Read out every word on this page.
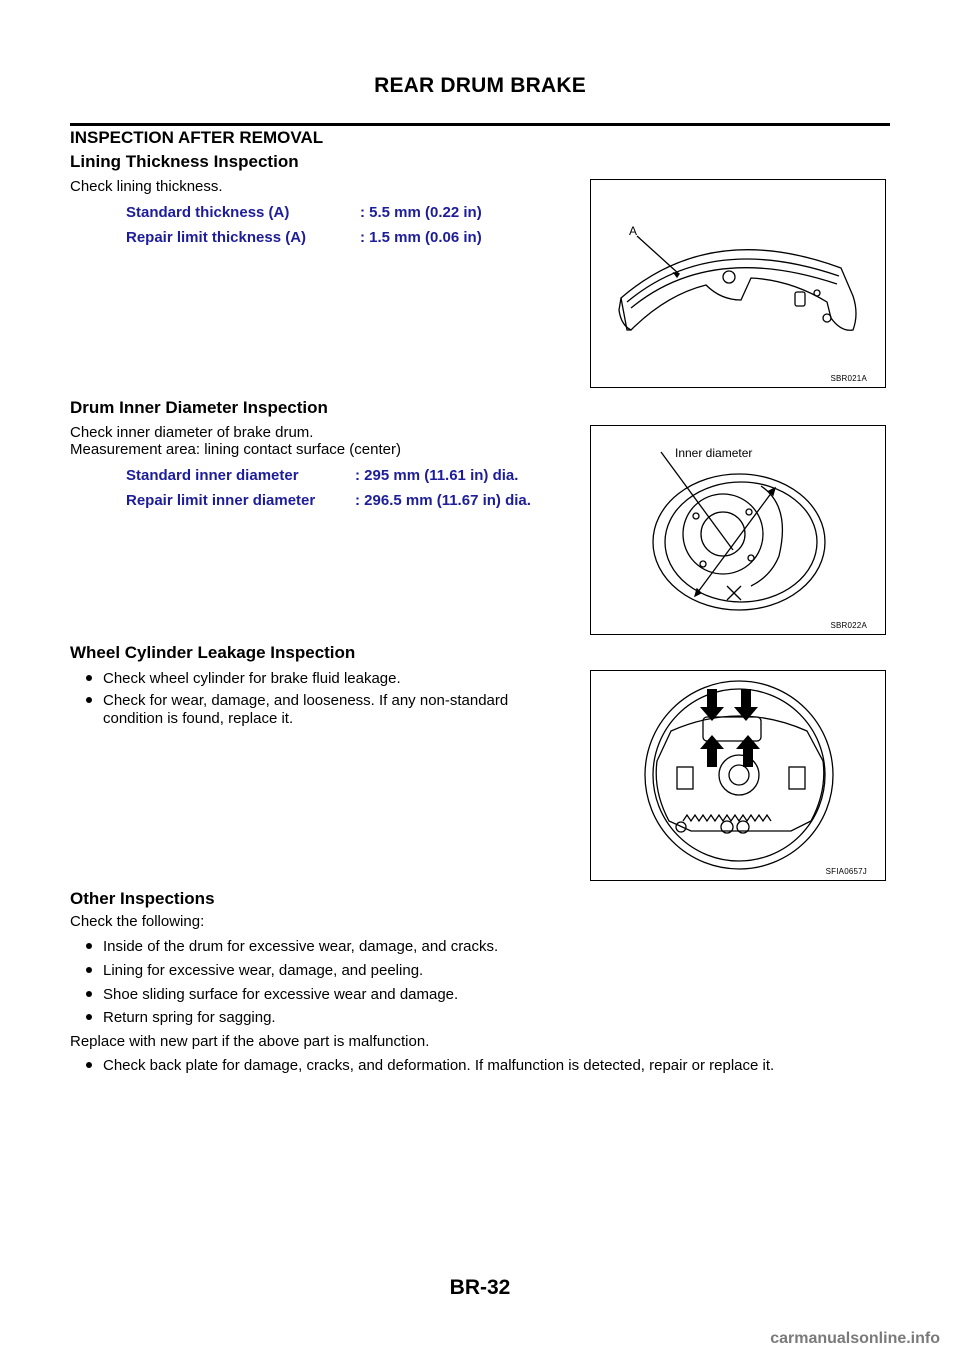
REAR DRUM BRAKE
INSPECTION AFTER REMOVAL
Lining Thickness Inspection
Check lining thickness.
Standard thickness (A)	: 5.5 mm (0.22 in)
Repair limit thickness (A)	: 1.5 mm (0.06 in)	A
SBR021A
Drum Inner Diameter Inspection
Check inner diameter of brake drum.
Measurement area: lining contact surface (center)
Standard inner diameter	: 295 mm (11.61 in) dia.
Repair limit inner diameter	: 296.5 mm (11.67 in) dia.
Inner diameter
SBR022A
Wheel Cylinder Leakage Inspection
Check wheel cylinder for brake fluid leakage.
Check for wear, damage, and looseness. If any non-standard
condition is found, replace it.
SFIA0657J
Other Inspections
Check the following:
Inside of the drum for excessive wear, damage, and cracks.
Lining for excessive wear, damage, and peeling.
Shoe sliding surface for excessive wear and damage.
Return spring for sagging.
Replace with new part if the above part is malfunction.
Check back plate for damage, cracks, and deformation. If malfunction is detected, repair or replace it.
BR-32
carmanualsonline.info
